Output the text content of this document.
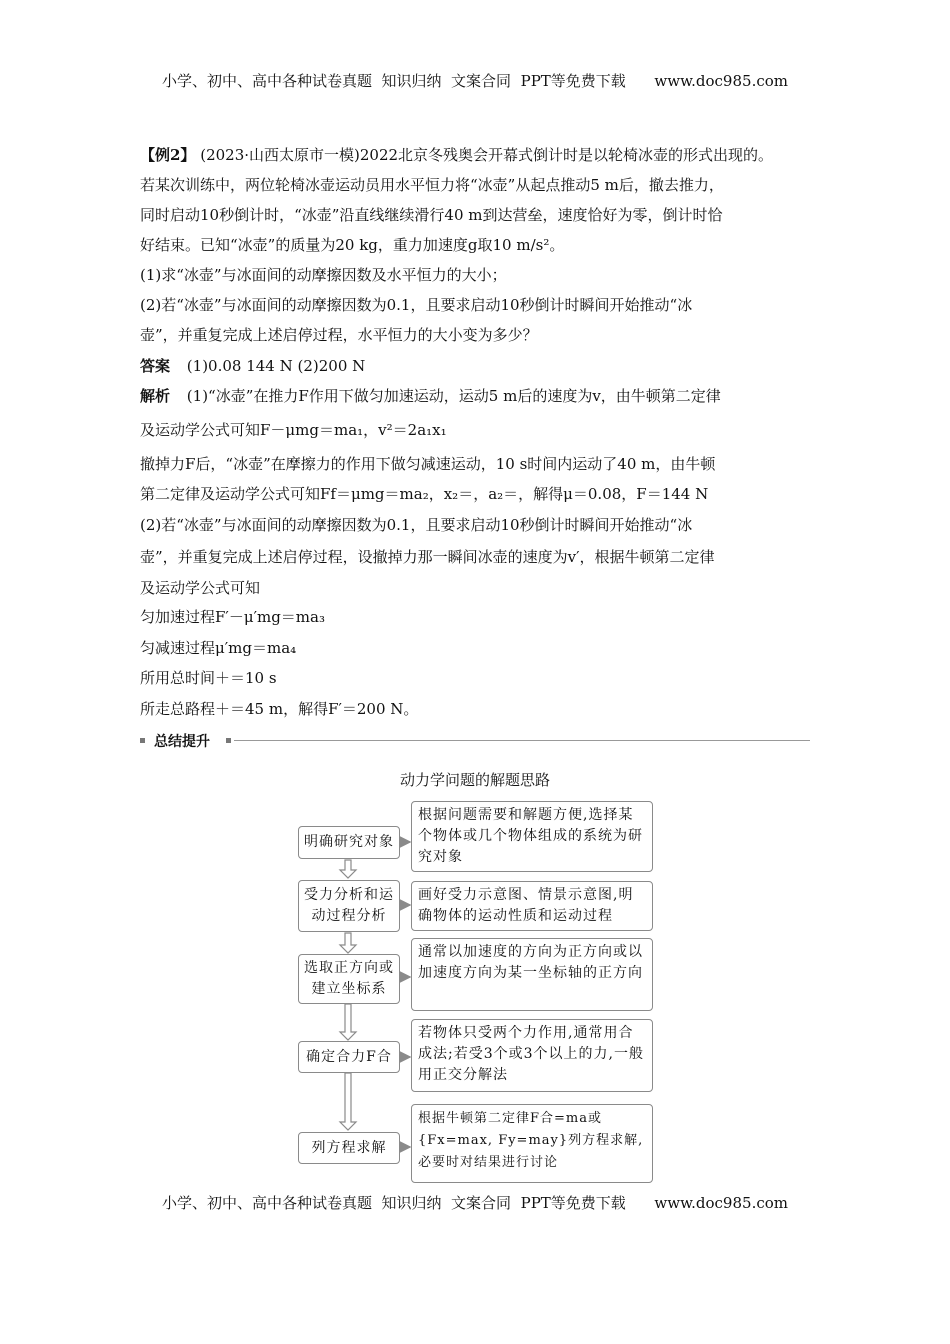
小学、初中、高中各种试卷真题  知识归纳  文案合同  PPT等免费下载      www.doc985.com
【例2】 (2023·山西太原市一模)2022北京冬残奥会开幕式倒计时是以轮椅冰壶的形式出现的。
若某次训练中，两位轮椅冰壶运动员用水平恒力将“冰壶”从起点推动5 m后，撤去推力，
同时启动10秒倒计时，“冰壶”沿直线继续滑行40 m到达营垒，速度恰好为零，倒计时恰
好结束。已知“冰壶”的质量为20 kg，重力加速度g取10 m/s²。
(1)求“冰壶”与冰面间的动摩擦因数及水平恒力的大小；
(2)若“冰壶”与冰面间的动摩擦因数为0.1，且要求启动10秒倒计时瞬间开始推动“冰
壶”，并重复完成上述启停过程，水平恒力的大小变为多少？
答案 (1)0.08 144 N (2)200 N
解析 (1)“冰壶”在推力F作用下做匀加速运动，运动5 m后的速度为v，由牛顿第二定律
及运动学公式可知F－μmg＝ma₁，v²＝2a₁x₁
撤掉力F后，“冰壶”在摩擦力的作用下做匀减速运动，10 s时间内运动了40 m，由牛顿
第二定律及运动学公式可知Ff＝μmg＝ma₂，x₂＝，a₂＝，解得μ＝0.08，F＝144 N
(2)若“冰壶”与冰面间的动摩擦因数为0.1，且要求启动10秒倒计时瞬间开始推动“冰
壶”，并重复完成上述启停过程，设撤掉力那一瞬间冰壶的速度为v′，根据牛顿第二定律
及运动学公式可知
匀加速过程F′－μ′mg＝ma₃
匀减速过程μ′mg＝ma₄
所用总时间＋＝10 s
所走总路程＋＝45 m，解得F′＝200 N。
总结提升
动力学问题的解题思路
明确研究对象
根据问题需要和解题方便,选择某个物体或几个物体组成的系统为研究对象
受力分析和运动过程分析
画好受力示意图、情景示意图,明确物体的运动性质和运动过程
选取正方向或建立坐标系
通常以加速度的方向为正方向或以加速度方向为某一坐标轴的正方向
确定合力F合
若物体只受两个力作用,通常用合成法;若受3个或3个以上的力,一般用正交分解法
列方程求解
根据牛顿第二定律F合=ma或{Fx=max, Fy=may}列方程求解,必要时对结果进行讨论
小学、初中、高中各种试卷真题  知识归纳  文案合同  PPT等免费下载      www.doc985.com
